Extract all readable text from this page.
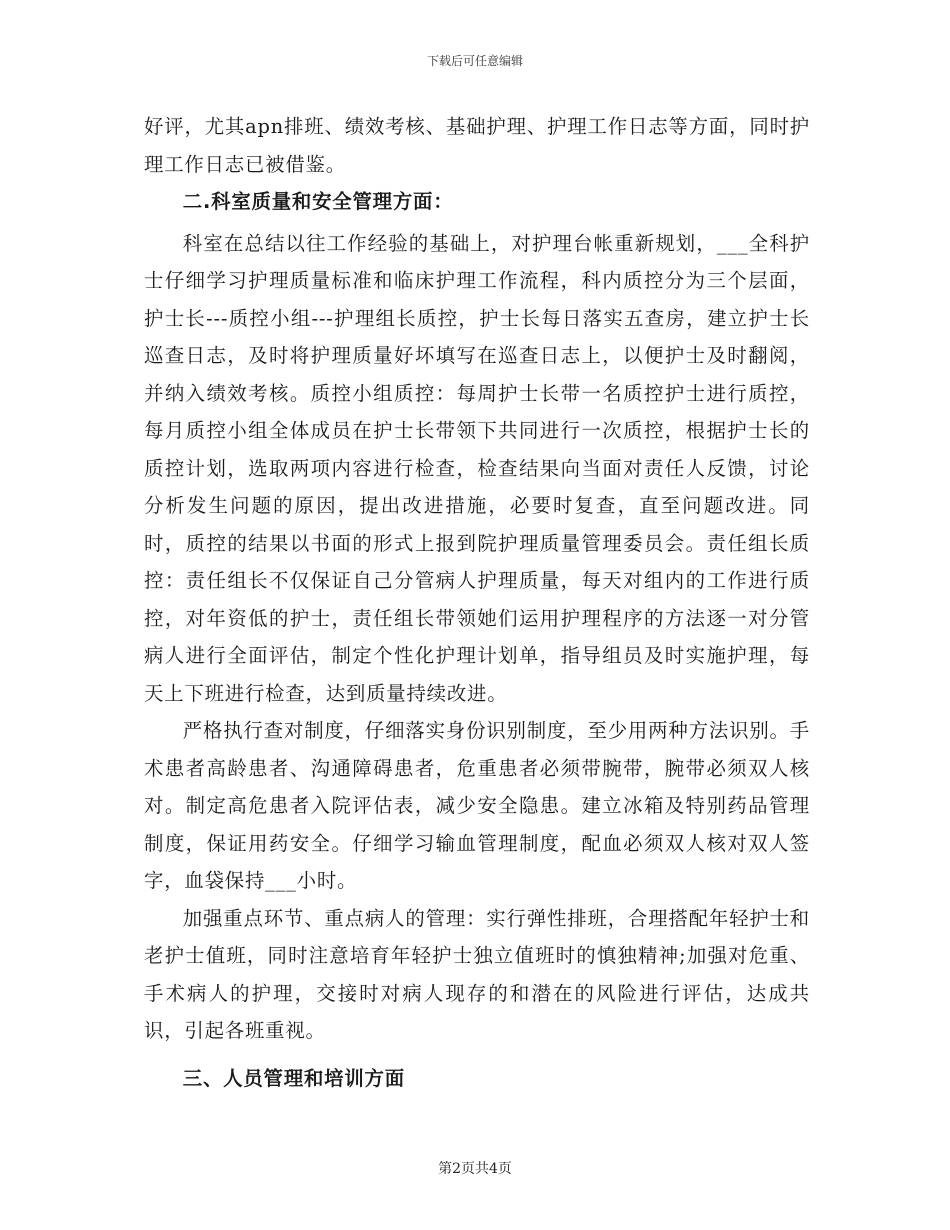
下载后可任意编辑

好评，尤其apn排班、绩效考核、基础护理、护理工作日志等方面，同时护理工作日志已被借鉴。

二.科室质量和安全管理方面：

科室在总结以往工作经验的基础上，对护理台帐重新规划，___全科护士仔细学习护理质量标准和临床护理工作流程，科内质控分为三个层面，护士长---质控小组---护理组长质控，护士长每日落实五查房，建立护士长巡查日志，及时将护理质量好坏填写在巡查日志上，以便护士及时翻阅，并纳入绩效考核。质控小组质控：每周护士长带一名质控护士进行质控，每月质控小组全体成员在护士长带领下共同进行一次质控，根据护士长的质控计划，选取两项内容进行检查，检查结果向当面对责任人反馈，讨论分析发生问题的原因，提出改进措施，必要时复查，直至问题改进。同时，质控的结果以书面的形式上报到院护理质量管理委员会。责任组长质控：责任组长不仅保证自己分管病人护理质量，每天对组内的工作进行质控，对年资低的护士，责任组长带领她们运用护理程序的方法逐一对分管病人进行全面评估，制定个性化护理计划单，指导组员及时实施护理，每天上下班进行检查，达到质量持续改进。

严格执行查对制度，仔细落实身份识别制度，至少用两种方法识别。手术患者高龄患者、沟通障碍患者，危重患者必须带腕带，腕带必须双人核对。制定高危患者入院评估表，减少安全隐患。建立冰箱及特别药品管理制度，保证用药安全。仔细学习输血管理制度，配血必须双人核对双人签字，血袋保持___小时。

加强重点环节、重点病人的管理：实行弹性排班，合理搭配年轻护士和老护士值班，同时注意培育年轻护士独立值班时的慎独精神;加强对危重、手术病人的护理，交接时对病人现存的和潜在的风险进行评估，达成共识，引起各班重视。

三、人员管理和培训方面

第2页共4页
